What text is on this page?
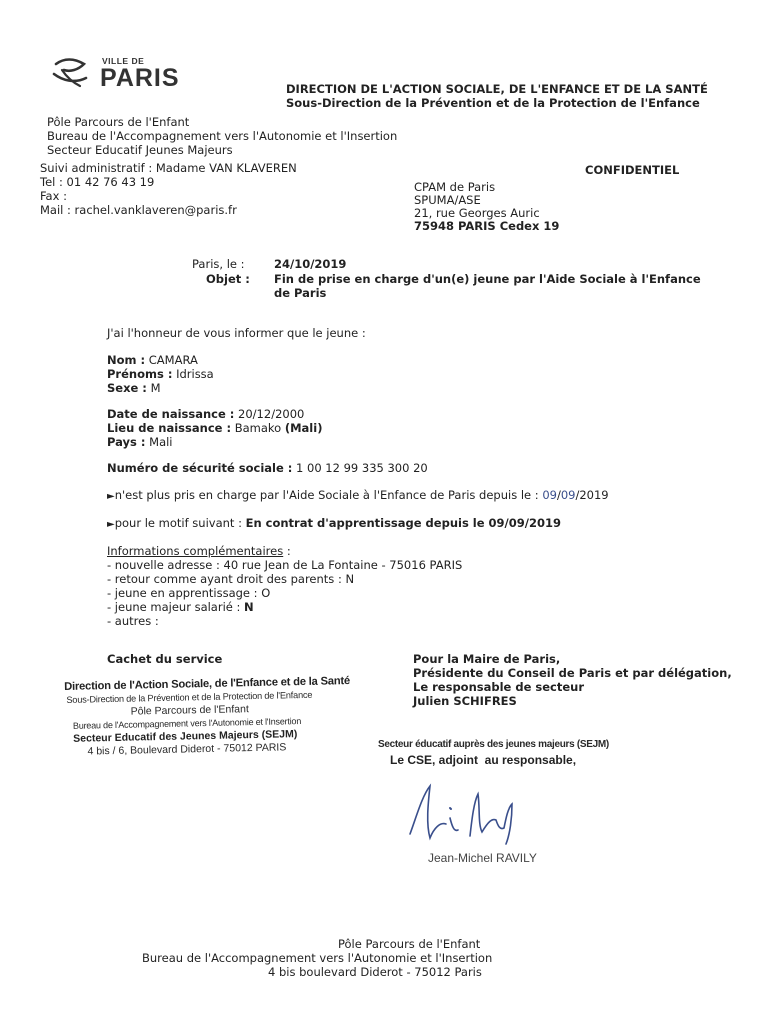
VILLE DE
PARIS	DIRECTION DE L'ACTION SOCIALE, DE L'ENFANCE ET DE LA SANTÉ
Sous-Direction de la Prévention et de la Protection de l'Enfance
Pôle Parcours de l'Enfant
Bureau de l'Accompagnement vers l'Autonomie et l'Insertion
Secteur Educatif Jeunes Majeurs
Suivi administratif : Madame VAN KLAVEREN
Tel : 01 42 76 43 19
Fax :
Mail : rachel.vanklaveren@paris.fr
CONFIDENTIEL
CPAM de Paris
SPUMA/ASE
21, rue Georges Auric
75948 PARIS Cedex 19
Paris, le :	24/10/2019
Objet : Fin de prise en charge d'un(e) jeune par l'Aide Sociale à l'Enfance
de Paris
J'ai l'honneur de vous informer que le jeune :
Nom : CAMARA
Prénoms : Idrissa
Sexe : M
Date de naissance : 20/12/2000
Lieu de naissance : Bamako (Mali)
Pays : Mali
Numéro de sécurité sociale : 1 00 12 99 335 300 20
►n'est plus pris en charge par l'Aide Sociale à l'Enfance de Paris depuis le : 09/09/2019
►pour le motif suivant : En contrat d'apprentissage depuis le 09/09/2019
Informations complémentaires :
- nouvelle adresse : 40 rue Jean de La Fontaine - 75016 PARIS
- retour comme ayant droit des parents : N
- jeune en apprentissage : O
- jeune majeur salarié : N
- autres :
Cachet du service
Direction de l'Action Sociale, de l'Enfance et de la Santé
Sous-Direction de la Prévention et de la Protection de l'Enfance
Pôle Parcours de l'Enfant
Bureau de l'Accompagnement vers l'Autonomie et l'Insertion
Secteur Educatif des Jeunes Majeurs (SEJM)
4 bis / 6, Boulevard Diderot - 75012 PARIS
Pour la Maire de Paris,
Présidente du Conseil de Paris et par délégation,
Le responsable de secteur
Julien SCHIFRES
Secteur éducatif auprès des jeunes majeurs (SEJM)
Le CSE, adjoint  au responsable,
Jean-Michel RAVILY
Pôle Parcours de l'Enfant
Bureau de l'Accompagnement vers l'Autonomie et l'Insertion
4 bis boulevard Diderot - 75012 Paris
